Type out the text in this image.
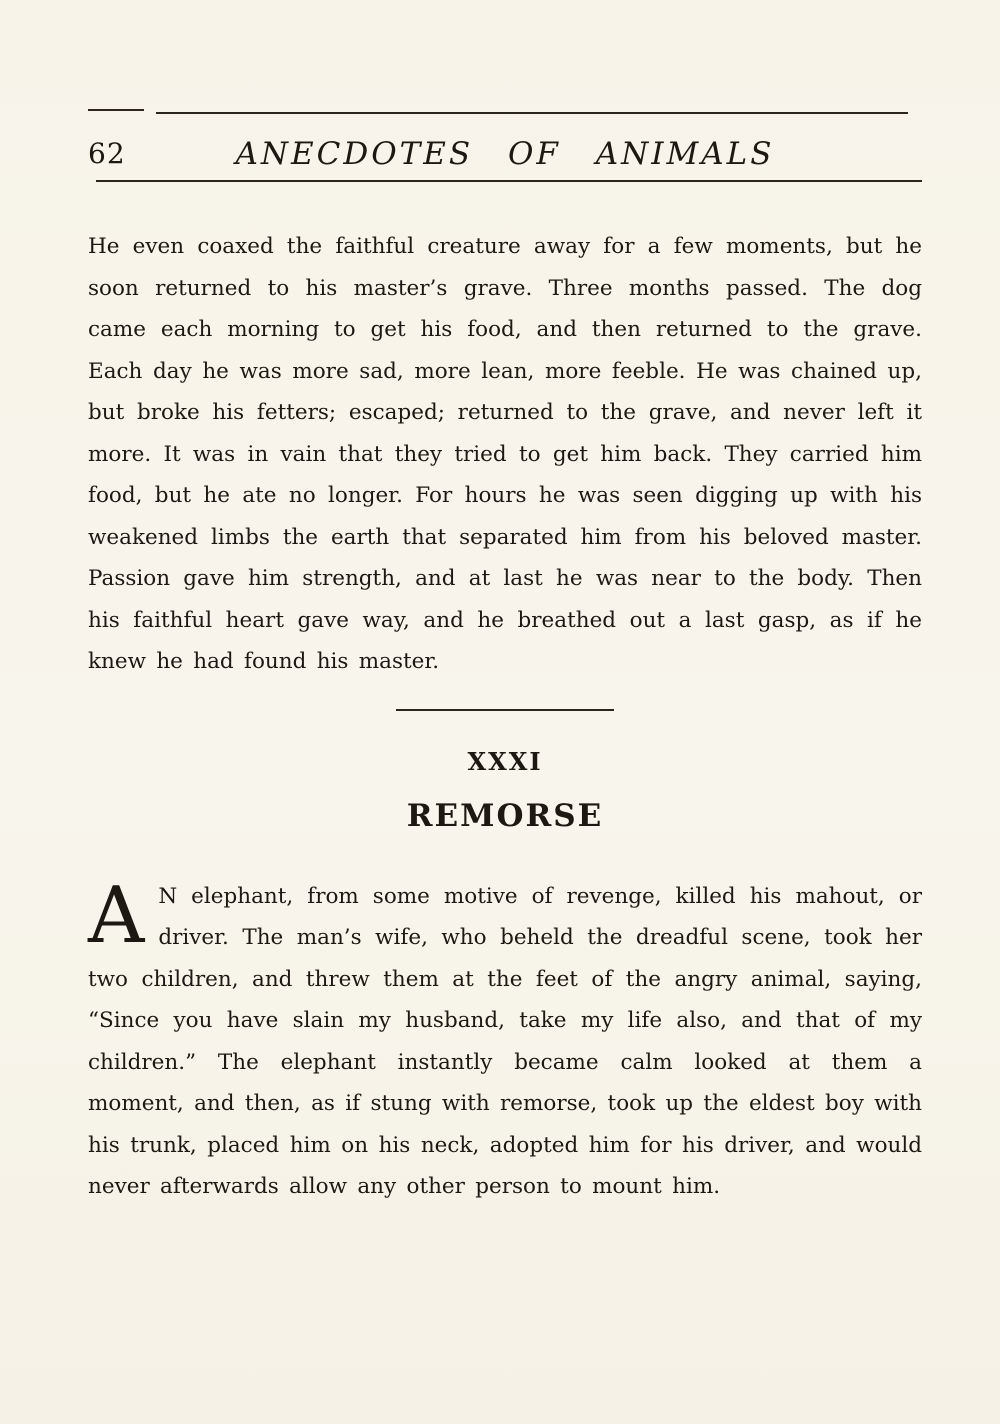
62	ANECDOTES OF ANIMALS

He even coaxed the faithful creature away for a few moments, but he soon returned to his master’s grave. Three months passed. The dog came each morning to get his food, and then returned to the grave. Each day he was more sad, more lean, more feeble. He was chained up, but broke his fetters; escaped; returned to the grave, and never left it more. It was in vain that they tried to get him back. They carried him food, but he ate no longer. For hours he was seen digging up with his weakened limbs the earth that separated him from his beloved master. Passion gave him strength, and at last he was near to the body. Then his faithful heart gave way, and he breathed out a last gasp, as if he knew he had found his master.

XXXI
REMORSE

A N elephant, from some motive of revenge, killed his mahout, or driver. The man’s wife, who beheld the dreadful scene, took her two children, and threw them at the feet of the angry animal, saying, “Since you have slain my husband, take my life also, and that of my children.” The elephant instantly became calm looked at them a moment, and then, as if stung with remorse, took up the eldest boy with his trunk, placed him on his neck, adopted him for his driver, and would never afterwards allow any other person to mount him.
